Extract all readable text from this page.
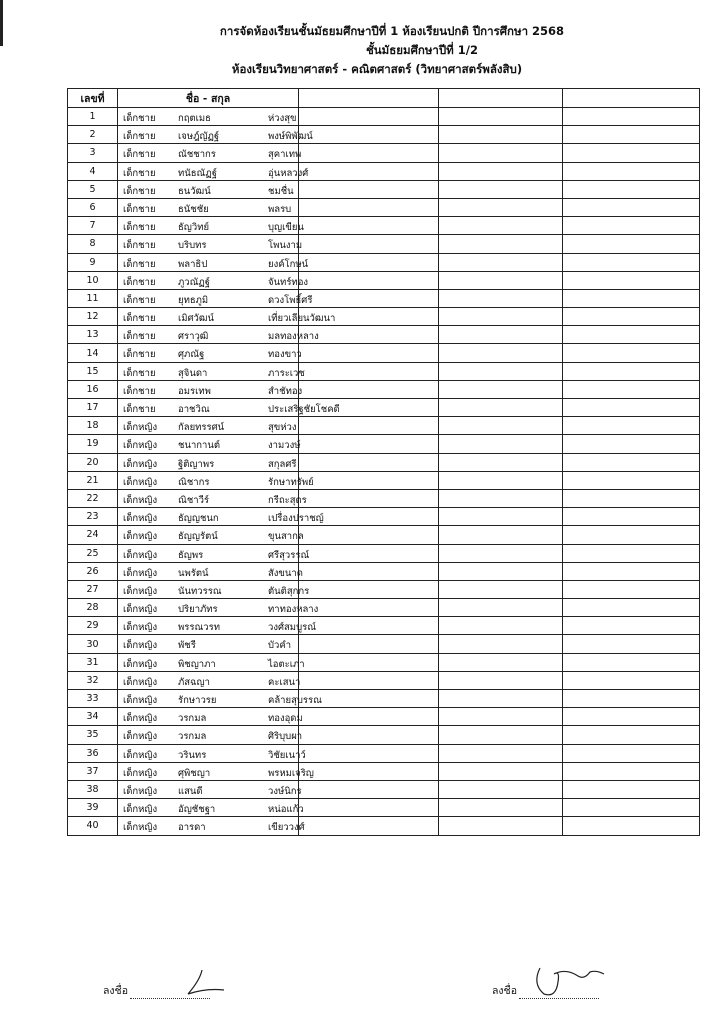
การจัดห้องเรียนชั้นมัธยมศึกษาปีที่ 1 ห้องเรียนปกติ ปีการศึกษา 2568
ชั้นมัธยมศึกษาปีที่ 1/2
ห้องเรียนวิทยาศาสตร์ - คณิตศาสตร์ (วิทยาศาสตร์พลังสิบ)
เลขที่	ชื่อ - สกุล			
1	เด็กชาย กฤตเมธ ห่วงสุข			

2	เด็กชาย เจษฎ์ญัฏฐ์ พงษ์พิพัฒน์			

3	เด็กชาย ณัชชากร สุคาเทพ			

4	เด็กชาย ทนัธณัฏฐ์ อุ่นหลวงศ์			

5	เด็กชาย ธนวัฒน์ ชมชื่น			

6	เด็กชาย ธนัชชัย พลรบ			

7	เด็กชาย ธัญวิทย์ บุญเขียน			

8	เด็กชาย บริบทร โพนงาม			

9	เด็กชาย พลาธิป ยงค์โกษน์			

10	เด็กชาย ภูวณัฏฐ์ จันทร์ทอง			

11	เด็กชาย ยุทธภูมิ ดวงโพธิ์ศรี			

12	เด็กชาย เมิศวัฒน์ เที่ยวเลียนวัฒนา			

13	เด็กชาย ศราวุฒิ มลทองหลาง			

14	เด็กชาย ศุภณัฐ ทองขาว			

15	เด็กชาย สุจินดา ภาระเวช			

16	เด็กชาย อมรเทพ สำชัทอง			

17	เด็กชาย อาชวิณ ประเสริฐชัยโชคดี			

18	เด็กหญิง กัลยทรรศน์ สุขห่วง			

19	เด็กหญิง ชนากานต์ งามวงษ์			

20	เด็กหญิง ฐิติญาพร สกุลศรี			

21	เด็กหญิง ณิชากร รักษาทรัพย์			

22	เด็กหญิง ณิชาวีร์ กรีถะสุตร			

23	เด็กหญิง ธัญญชนก เปรื่องปราชญ์			

24	เด็กหญิง ธัญญรัตน์ ขุนสากล			

25	เด็กหญิง ธัญพร ศรีสุวรรณ์			

26	เด็กหญิง นพรัตน์ สังขนาด			

27	เด็กหญิง นันทวรรณ ตันติสุกกร			

28	เด็กหญิง ปริยาภัทร ทาทองหลาง			

29	เด็กหญิง พรรณวรท วงศ์สมบูรณ์			

30	เด็กหญิง พัชรี บัวคำ			

31	เด็กหญิง พิชญาภา ไอตะเภา			

32	เด็กหญิง ภัสฉญา คะเสนา			

33	เด็กหญิง รักษาวรย คล้ายสุบรรณ			

34	เด็กหญิง วรกมล ทองอุดม			

35	เด็กหญิง วรกมล ศิริบุบผา			

36	เด็กหญิง วรินทร วิชัยเนาว์			

37	เด็กหญิง ศุพิชญา พรหมเจริญ			

38	เด็กหญิง แสนดี วงษ์นิกร			

39	เด็กหญิง อัญชัชฐา หน่อแก้ว			

40	เด็กหญิง อารดา เขียววงศ์			

ลงชื่อ	ลงชื่อ
